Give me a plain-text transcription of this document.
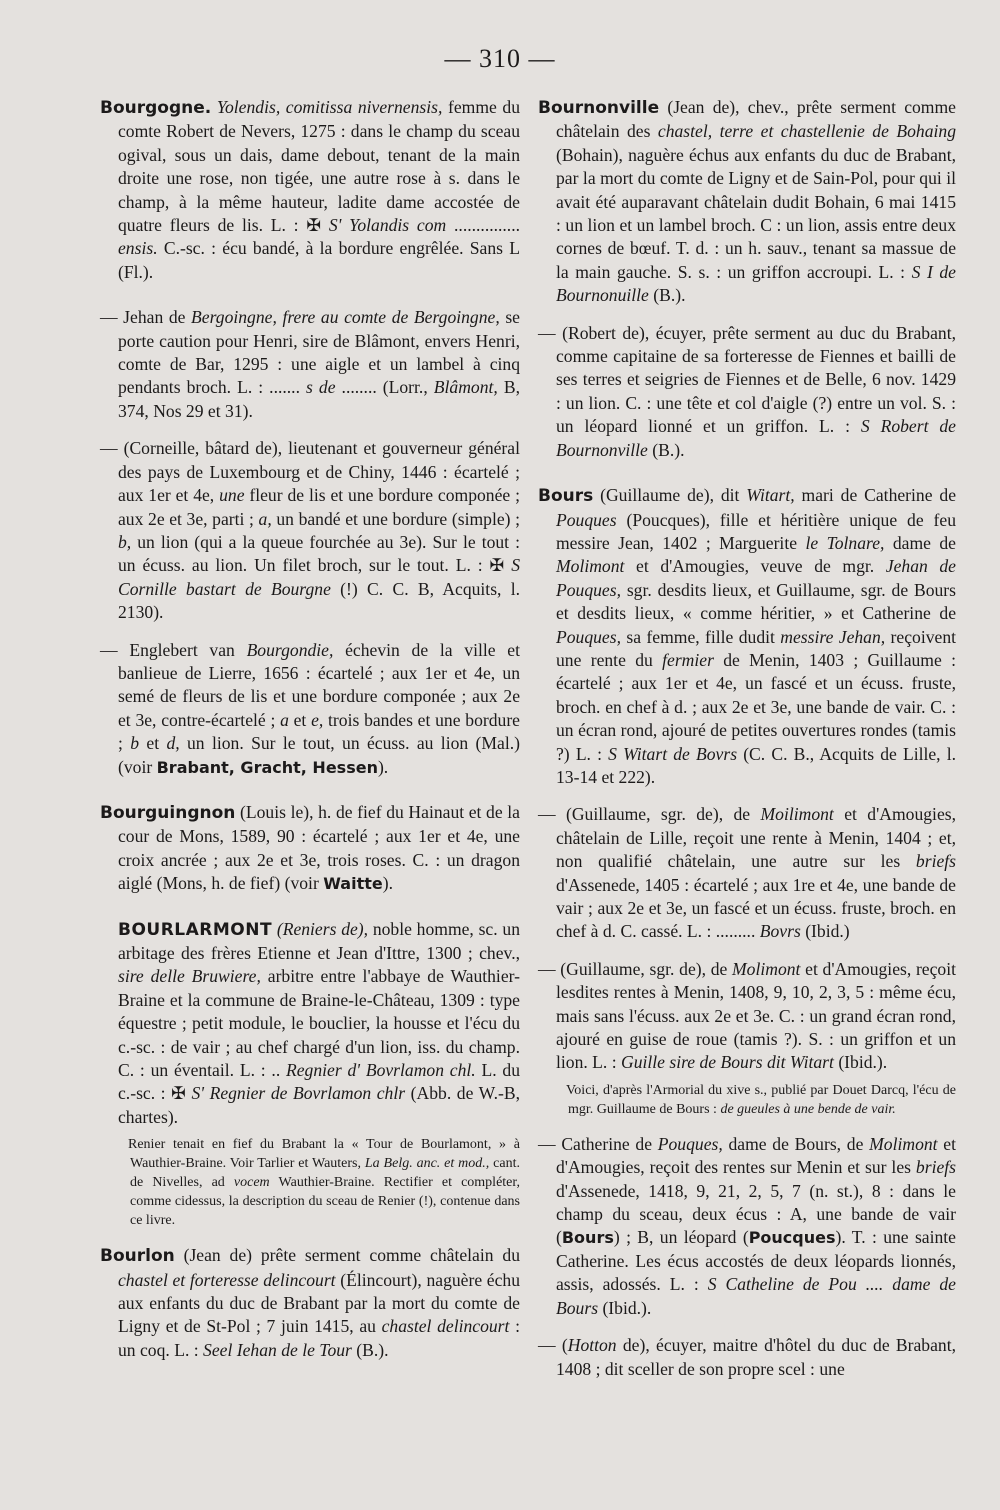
— 310 —

Bourgogne. Yolendis, comitissa nivernensis, femme du comte Robert de Nevers, 1275 : dans le champ du sceau ogival, sous un dais, dame debout, tenant de la main droite une rose, non tigée, une autre rose à s. dans le champ, à la même hauteur, ladite dame accostée de quatre fleurs de lis. L. : ✠ S' Yolandis com ............... ensis. C.-sc. : écu bandé, à la bordure engrêlée. Sans L (Fl.).

— Jehan de Bergoingne, frere au comte de Bergoingne, se porte caution pour Henri, sire de Blâmont, envers Henri, comte de Bar, 1295 : une aigle et un lambel à cinq pendants broch. L. : ....... s de ........ (Lorr., Blâmont, B, 374, Nos 29 et 31).

— (Corneille, bâtard de), lieutenant et gouverneur général des pays de Luxembourg et de Chiny, 1446 : écartelé ; aux 1er et 4e, une fleur de lis et une bordure componée ; aux 2e et 3e, parti ; a, un bandé et une bordure (simple) ; b, un lion (qui a la queue fourchée au 3e). Sur le tout : un écuss. au lion. Un filet broch, sur le tout. L. : ✠ S Cornille bastart de Bourgne (!) C. C. B, Acquits, l. 2130).

— Englebert van Bourgondie, échevin de la ville et banlieue de Lierre, 1656 : écartelé ; aux 1er et 4e, un semé de fleurs de lis et une bordure componée ; aux 2e et 3e, contre-écartelé ; a et e, trois bandes et une bordure ; b et d, un lion. Sur le tout, un écuss. au lion (Mal.) (voir Brabant, Gracht, Hessen).

Bourguingnon (Louis le), h. de fief du Hainaut et de la cour de Mons, 1589, 90 : écartelé ; aux 1er et 4e, une croix ancrée ; aux 2e et 3e, trois roses. C. : un dragon aiglé (Mons, h. de fief) (voir Waitte).

BOURLARMONT (Reniers de), noble homme, sc. un arbitage des frères Etienne et Jean d'Ittre, 1300 ; chev., sire delle Bruwiere, arbitre entre l'abbaye de Wauthier-Braine et la commune de Braine-le-Château, 1309 : type équestre ; petit module, le bouclier, la housse et l'écu du c.-sc. : de vair ; au chef chargé d'un lion, iss. du champ. C. : un éventail. L. : .. Regnier d' Bovrlamon chl. L. du c.-sc. : ✠ S' Regnier de Bovrlamon chlr (Abb. de W.-B, chartes).

Renier tenait en fief du Brabant la « Tour de Bourlamont, » à Wauthier-Braine. Voir Tarlier et Wauters, La Belg. anc. et mod., cant. de Nivelles, ad vocem Wauthier-Braine. Rectifier et compléter, comme cidessus, la description du sceau de Renier (!), contenue dans ce livre.

Bourlon (Jean de) prête serment comme châtelain du chastel et forteresse delincourt (Élincourt), naguère échu aux enfants du duc de Brabant par la mort du comte de Ligny et de St-Pol ; 7 juin 1415, au chastel delincourt : un coq. L. : Seel Iehan de le Tour (B.).

Bournonville (Jean de), chev., prête serment comme châtelain des chastel, terre et chastellenie de Bohaing (Bohain), naguère échus aux enfants du duc de Brabant, par la mort du comte de Ligny et de Sain-Pol, pour qui il avait été auparavant châtelain dudit Bohain, 6 mai 1415 : un lion et un lambel broch. C : un lion, assis entre deux cornes de bœuf. T. d. : un h. sauv., tenant sa massue de la main gauche. S. s. : un griffon accroupi. L. : S I de Bournonuille (B.).

— (Robert de), écuyer, prête serment au duc du Brabant, comme capitaine de sa forteresse de Fiennes et bailli de ses terres et seigries de Fiennes et de Belle, 6 nov. 1429 : un lion. C. : une tête et col d'aigle (?) entre un vol. S. : un léopard lionné et un griffon. L. : S Robert de Bournonville (B.).

Bours (Guillaume de), dit Witart, mari de Catherine de Pouques (Poucques), fille et héritière unique de feu messire Jean, 1402 ; Marguerite le Tolnare, dame de Molimont et d'Amougies, veuve de mgr. Jehan de Pouques, sgr. desdits lieux, et Guillaume, sgr. de Bours et desdits lieux, « comme héritier, » et Catherine de Pouques, sa femme, fille dudit messire Jehan, reçoivent une rente du fermier de Menin, 1403 ; Guillaume : écartelé ; aux 1er et 4e, un fascé et un écuss. fruste, broch. en chef à d. ; aux 2e et 3e, une bande de vair. C. : un écran rond, ajouré de petites ouvertures rondes (tamis ?) L. : S Witart de Bovrs (C. C. B., Acquits de Lille, l. 13-14 et 222).

— (Guillaume, sgr. de), de Moilimont et d'Amougies, châtelain de Lille, reçoit une rente à Menin, 1404 ; et, non qualifié châtelain, une autre sur les briefs d'Assenede, 1405 : écartelé ; aux 1re et 4e, une bande de vair ; aux 2e et 3e, un fascé et un écuss. fruste, broch. en chef à d. C. cassé. L. : ......... Bovrs (Ibid.)

— (Guillaume, sgr. de), de Molimont et d'Amougies, reçoit lesdites rentes à Menin, 1408, 9, 10, 2, 3, 5 : même écu, mais sans l'écuss. aux 2e et 3e. C. : un grand écran rond, ajouré en guise de roue (tamis ?). S. : un griffon et un lion. L. : Guille sire de Bours dit Witart (Ibid.).

Voici, d'après l'Armorial du xive s., publié par Douet Darcq, l'écu de mgr. Guillaume de Bours : de gueules à une bende de vair.

— Catherine de Pouques, dame de Bours, de Molimont et d'Amougies, reçoit des rentes sur Menin et sur les briefs d'Assenede, 1418, 9, 21, 2, 5, 7 (n. st.), 8 : dans le champ du sceau, deux écus : A, une bande de vair (Bours) ; B, un léopard (Poucques). T. : une sainte Catherine. Les écus accostés de deux léopards lionnés, assis, adossés. L. : S Catheline de Pou .... dame de Bours (Ibid.).

— (Hotton de), écuyer, maitre d'hôtel du duc de Brabant, 1408 ; dit sceller de son propre scel : une
